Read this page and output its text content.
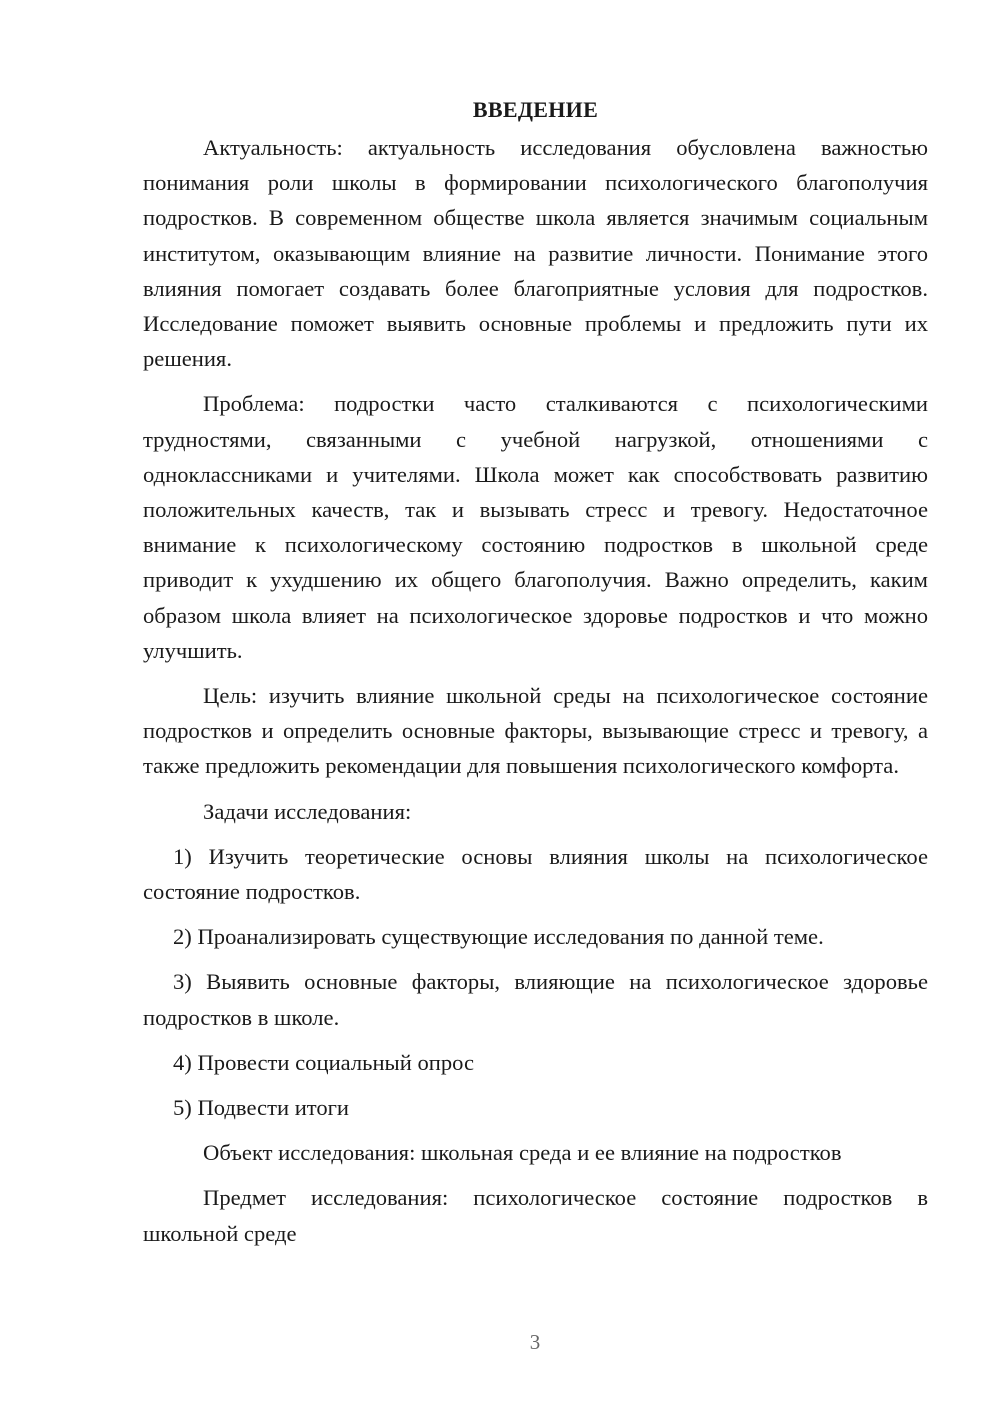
ВВЕДЕНИЕ

Актуальность: актуальность исследования обусловлена важностью понимания роли школы в формировании психологического благополучия подростков. В современном обществе школа является значимым социальным институтом, оказывающим влияние на развитие личности. Понимание этого влияния помогает создавать более благоприятные условия для подростков. Исследование поможет выявить основные проблемы и предложить пути их решения.

Проблема: подростки часто сталкиваются с психологическими трудностями, связанными с учебной нагрузкой, отношениями с одноклассниками и учителями. Школа может как способствовать развитию положительных качеств, так и вызывать стресс и тревогу. Недостаточное внимание к психологическому состоянию подростков в школьной среде приводит к ухудшению их общего благополучия. Важно определить, каким образом школа влияет на психологическое здоровье подростков и что можно улучшить.

Цель: изучить влияние школьной среды на психологическое состояние подростков и определить основные факторы, вызывающие стресс и тревогу, а также предложить рекомендации для повышения психологического комфорта.

Задачи исследования:

1) Изучить теоретические основы влияния школы на психологическое состояние подростков.

2) Проанализировать существующие исследования по данной теме.

3) Выявить основные факторы, влияющие на психологическое здоровье подростков в школе.

4) Провести социальный опрос

5) Подвести итоги

Объект исследования: школьная среда и ее влияние на подростков

Предмет исследования: психологическое состояние подростков в школьной среде

3
